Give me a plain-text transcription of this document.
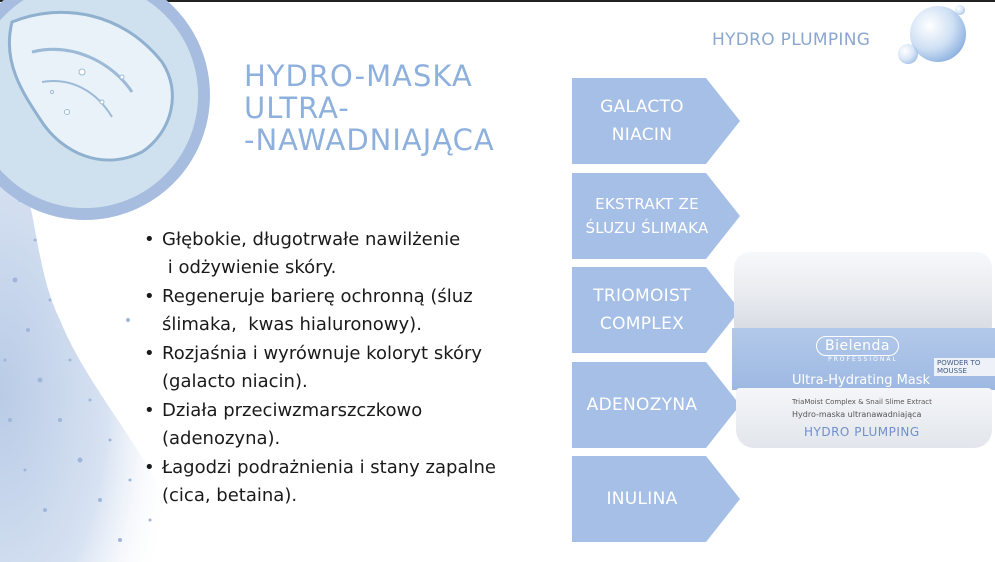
HYDRO-MASKA
ULTRA-
-NAWADNIAJĄCA
• Głębokie, długotrwałe nawilżenie
i odżywienie skóry.
• Regeneruje barierę ochronną (śluz
ślimaka,  kwas hialuronowy).
• Rozjaśnia i wyrównuje koloryt skóry
(galacto niacin).
• Działa przeciwzmarszczkowo
(adenozyna).
• Łagodzi podrażnienia i stany zapalne
(cica, betaina).
HYDRO PLUMPING
GALACTO
NIACIN
EKSTRAKT ZE
ŚLUZU ŚLIMAKA
TRIOMOIST
COMPLEX
ADENOZYNA
INULINA
Bielenda
PROFESSIONAL	POWDER TO MOUSSE
Ultra-Hydrating Mask
TriaMoist Complex & Snail Slime Extract
Hydro-maska ultranawadniająca
HYDRO PLUMPING
